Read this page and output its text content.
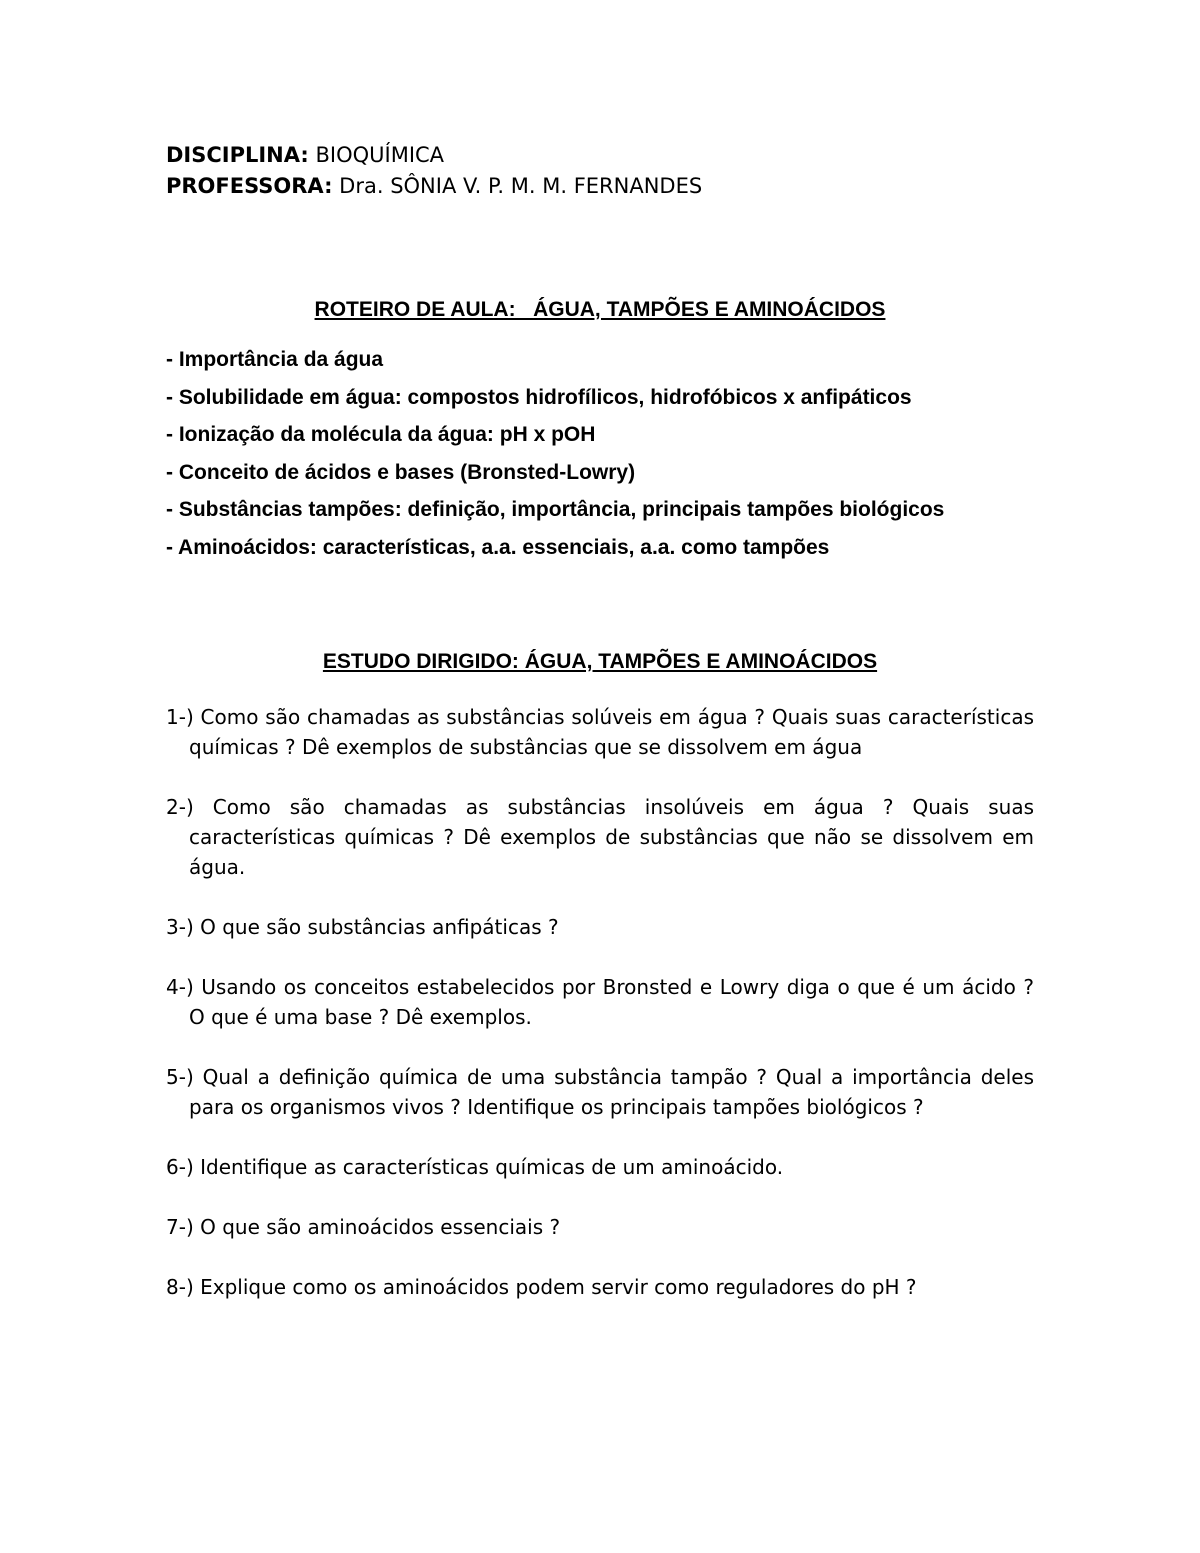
DISCIPLINA: BIOQUÍMICA
PROFESSORA: Dra. SÔNIA V. P. M. M. FERNANDES
ROTEIRO DE AULA:   ÁGUA, TAMPÕES E AMINOÁCIDOS
- Importância da água
- Solubilidade em água: compostos hidrofílicos, hidrofóbicos x anfipáticos
- Ionização da molécula da água: pH x pOH
- Conceito de ácidos e bases (Bronsted-Lowry)
- Substâncias tampões: definição, importância, principais tampões biológicos
- Aminoácidos: características, a.a. essenciais, a.a. como tampões
ESTUDO DIRIGIDO: ÁGUA, TAMPÕES E AMINOÁCIDOS
1-) Como são chamadas as substâncias solúveis em água ? Quais suas características químicas ? Dê exemplos de substâncias que se dissolvem em água
2-) Como são chamadas as substâncias insolúveis em água ? Quais suas características químicas ? Dê exemplos de substâncias que não se dissolvem em água.
3-) O que são substâncias anfipáticas ?
4-) Usando os conceitos estabelecidos por Bronsted e Lowry diga o que é um ácido ? O que é uma base ? Dê exemplos.
5-) Qual a definição química de uma substância tampão ? Qual a importância deles para os organismos vivos ? Identifique os principais tampões biológicos ?
6-) Identifique as características químicas de um aminoácido.
7-) O que são aminoácidos essenciais ?
8-) Explique como os aminoácidos podem servir como reguladores do pH ?
